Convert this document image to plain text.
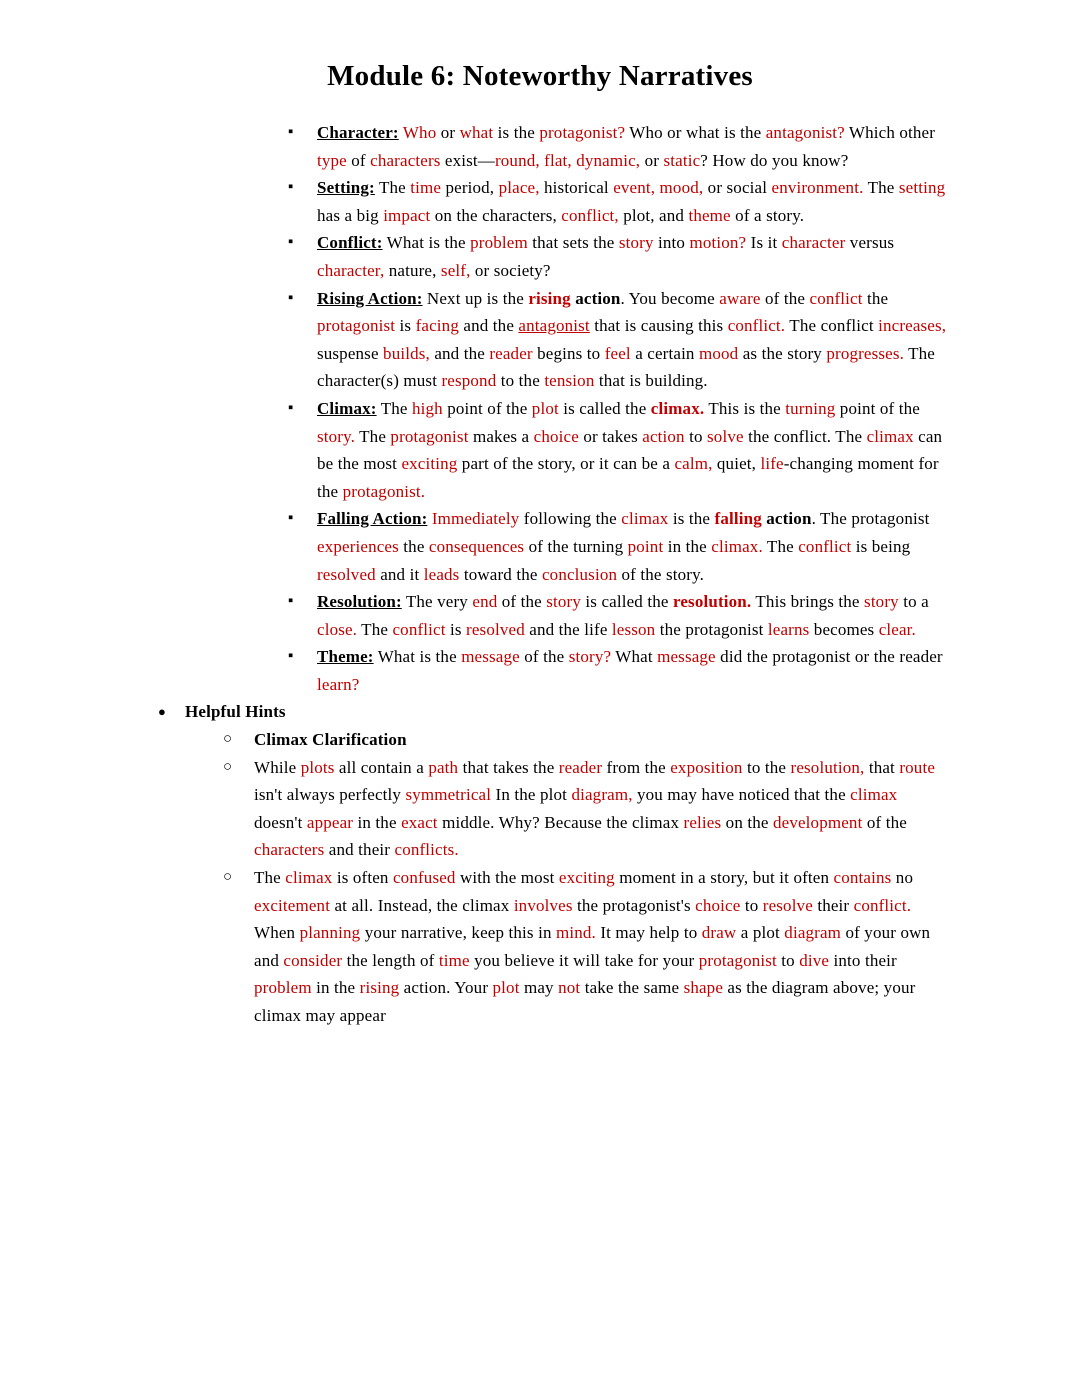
Module 6: Noteworthy Narratives
▪	Character: Who or what is the protagonist? Who or what is the antagonist? Which other type of characters exist—round, flat, dynamic, or static? How do you know?
▪	Setting: The time period, place, historical event, mood, or social environment. The setting has a big impact on the characters, conflict, plot, and theme of a story.
▪	Conflict: What is the problem that sets the story into motion? Is it character versus character, nature, self, or society?
▪	Rising Action: Next up is the rising action. You become aware of the conflict the protagonist is facing and the antagonist that is causing this conflict. The conflict increases, suspense builds, and the reader begins to feel a certain mood as the story progresses. The character(s) must respond to the tension that is building.
▪	Climax: The high point of the plot is called the climax. This is the turning point of the story. The protagonist makes a choice or takes action to solve the conflict. The climax can be the most exciting part of the story, or it can be a calm, quiet, life-changing moment for the protagonist.
▪	Falling Action: Immediately following the climax is the falling action. The protagonist experiences the consequences of the turning point in the climax. The conflict is being resolved and it leads toward the conclusion of the story.
▪	Resolution: The very end of the story is called the resolution. This brings the story to a close. The conflict is resolved and the life lesson the protagonist learns becomes clear.
▪	Theme: What is the message of the story? What message did the protagonist or the reader learn?
●	Helpful Hints
○	Climax Clarification
○	While plots all contain a path that takes the reader from the exposition to the resolution, that route isn't always perfectly symmetrical In the plot diagram, you may have noticed that the climax doesn't appear in the exact middle. Why? Because the climax relies on the development of the characters and their conflicts.
○	The climax is often confused with the most exciting moment in a story, but it often contains no excitement at all. Instead, the climax involves the protagonist's choice to resolve their conflict. When planning your narrative, keep this in mind. It may help to draw a plot diagram of your own and consider the length of time you believe it will take for your protagonist to dive into their problem in the rising action. Your plot may not take the same shape as the diagram above; your climax may appear
